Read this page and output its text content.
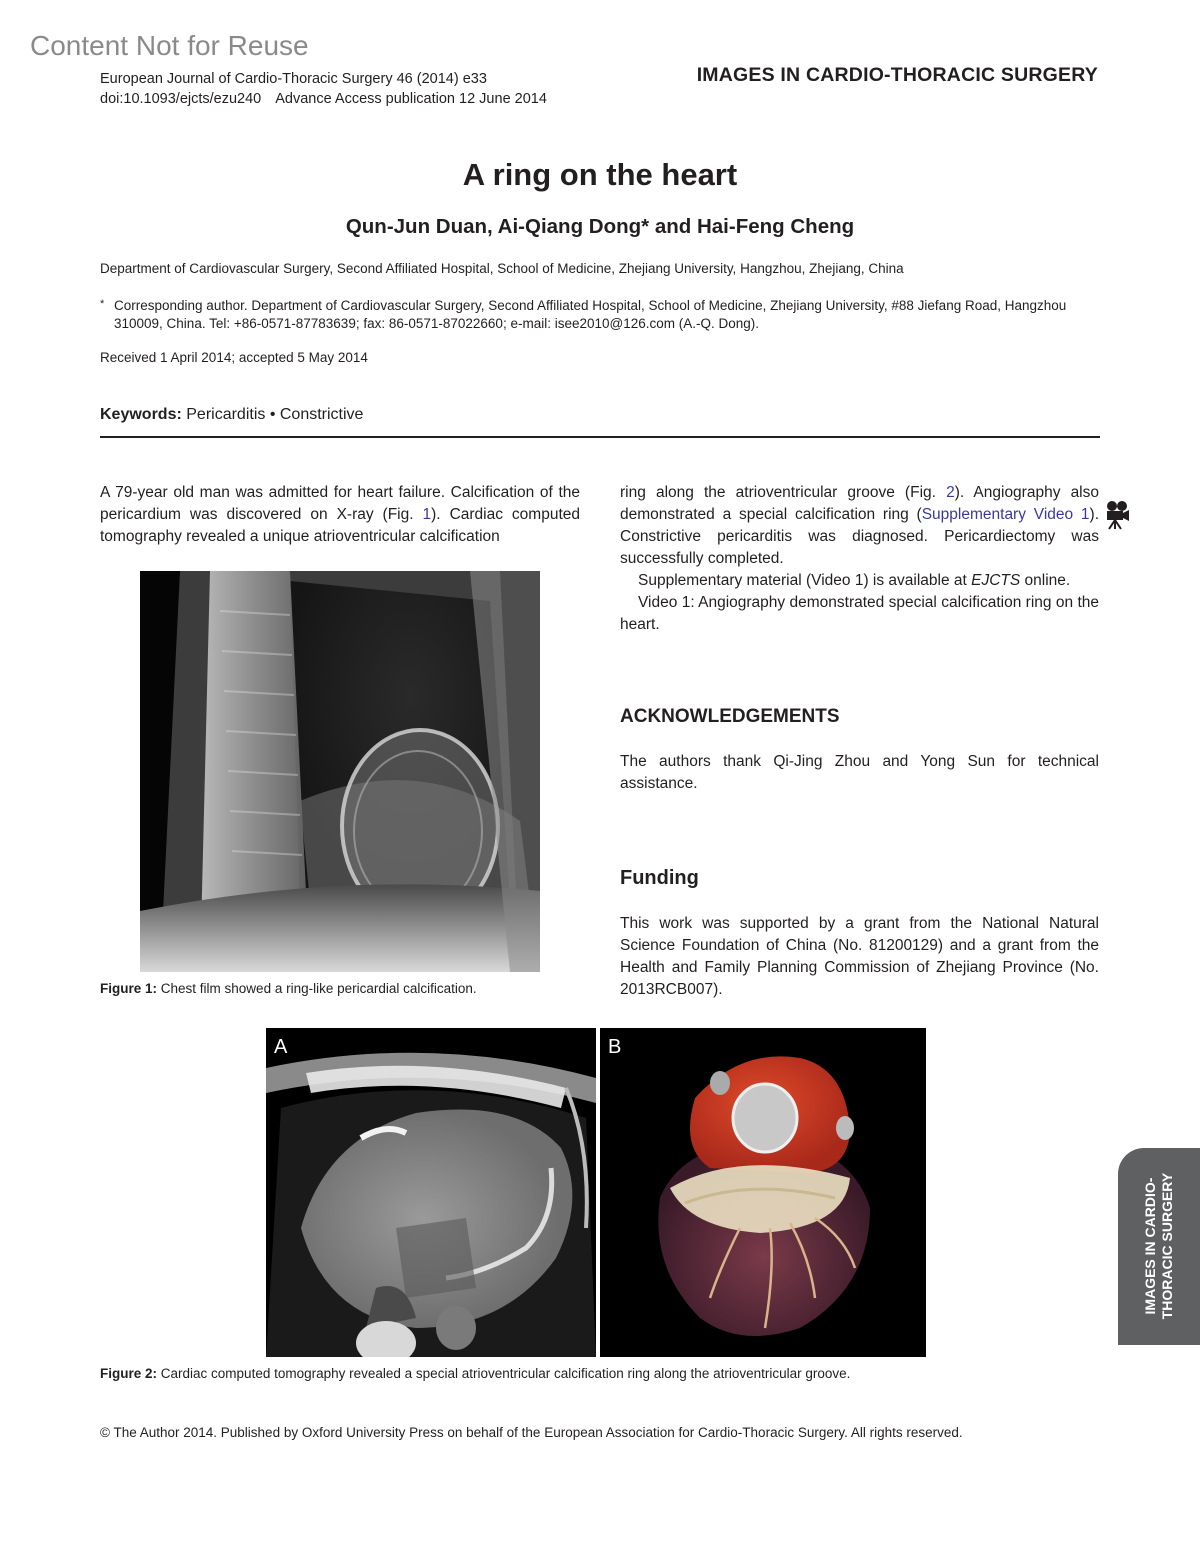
Content Not for Reuse
European Journal of Cardio-Thoracic Surgery 46 (2014) e33
doi:10.1093/ejcts/ezu240 Advance Access publication 12 June 2014
IMAGES IN CARDIO-THORACIC SURGERY
A ring on the heart
Qun-Jun Duan, Ai-Qiang Dong* and Hai-Feng Cheng
Department of Cardiovascular Surgery, Second Affiliated Hospital, School of Medicine, Zhejiang University, Hangzhou, Zhejiang, China
* Corresponding author. Department of Cardiovascular Surgery, Second Affiliated Hospital, School of Medicine, Zhejiang University, #88 Jiefang Road, Hangzhou 310009, China. Tel: +86-0571-87783639; fax: 86-0571-87022660; e-mail: isee2010@126.com (A.-Q. Dong).
Received 1 April 2014; accepted 5 May 2014
Keywords: Pericarditis • Constrictive
A 79-year old man was admitted for heart failure. Calcification of the pericardium was discovered on X-ray (Fig. 1). Cardiac computed tomography revealed a unique atrioventricular calcification
Figure 1: Chest film showed a ring-like pericardial calcification.

ring along the atrioventricular groove (Fig. 2). Angiography also demonstrated a special calcification ring (Supplementary Video 1). Constrictive pericarditis was diagnosed. Pericardiectomy was successfully completed.

Supplementary material (Video 1) is available at EJCTS online.

Video 1: Angiography demonstrated special calcification ring on the heart.

ACKNOWLEDGEMENTS
The authors thank Qi-Jing Zhou and Yong Sun for technical assistance.
Funding
This work was supported by a grant from the National Natural Science Foundation of China (No. 81200129) and a grant from the Health and Family Planning Commission of Zhejiang Province (No. 2013RCB007).
A	B
Figure 2: Cardiac computed tomography revealed a special atrioventricular calcification ring along the atrioventricular groove.
© The Author 2014. Published by Oxford University Press on behalf of the European Association for Cardio-Thoracic Surgery. All rights reserved.
IMAGES IN CARDIO- THORACIC SURGERY
